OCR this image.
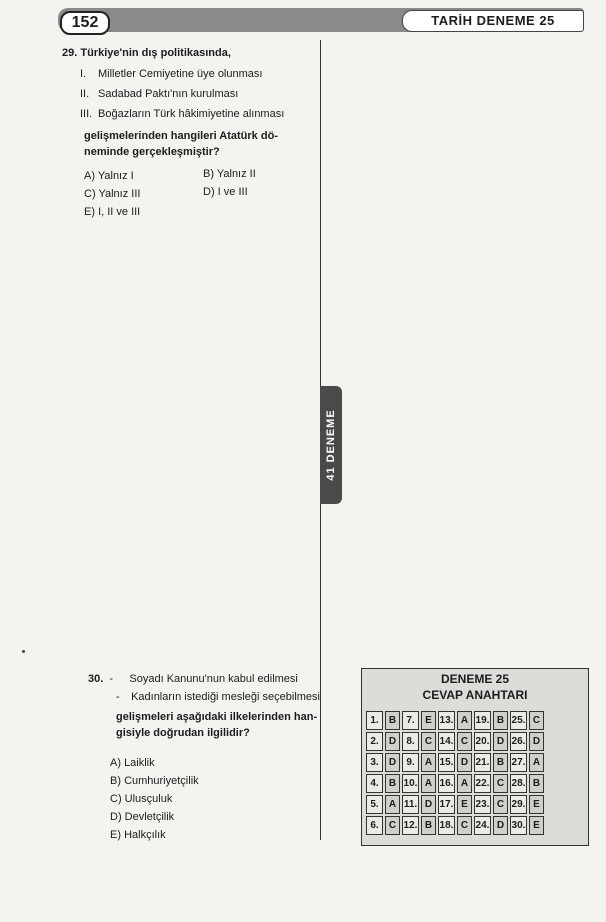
152	TARİH DENEME 25
41 DENEME
29. Türkiye'nin dış politikasında,
I. Milletler Cemiyetine üye olunması
II. Sadabad Paktı'nın kurulması
III. Boğazların Türk hâkimiyetine alınması
gelişmelerinden hangileri Atatürk dö-
neminde gerçekleşmiştir?
A) Yalnız I	B) Yalnız II
C) Yalnız III	D) I ve III
E) I, II ve III
30.  - Soyadı Kanunu'nun kabul edilmesi
- Kadınların istediği mesleği seçebilmesi
gelişmeleri aşağıdaki ilkelerinden han-
gisiyle doğrudan ilgilidir?
A) Laiklik
B) Cumhuriyetçilik
C) Ulusçuluk
D) Devletçilik
E) Halkçılık
DENEME 25
CEVAP ANAHTARI
1.	B	7.	E	13.	A	19.	B	25.	C
2.	D	8.	C	14.	C	20.	D	26.	D
3.	D	9.	A	15.	D	21.	B	27.	A
4.	B	10.	A	16.	A	22.	C	28.	B
5.	A	11.	D	17.	E	23.	C	29.	E
6.	C	12.	B	18.	C	24.	D	30.	E
